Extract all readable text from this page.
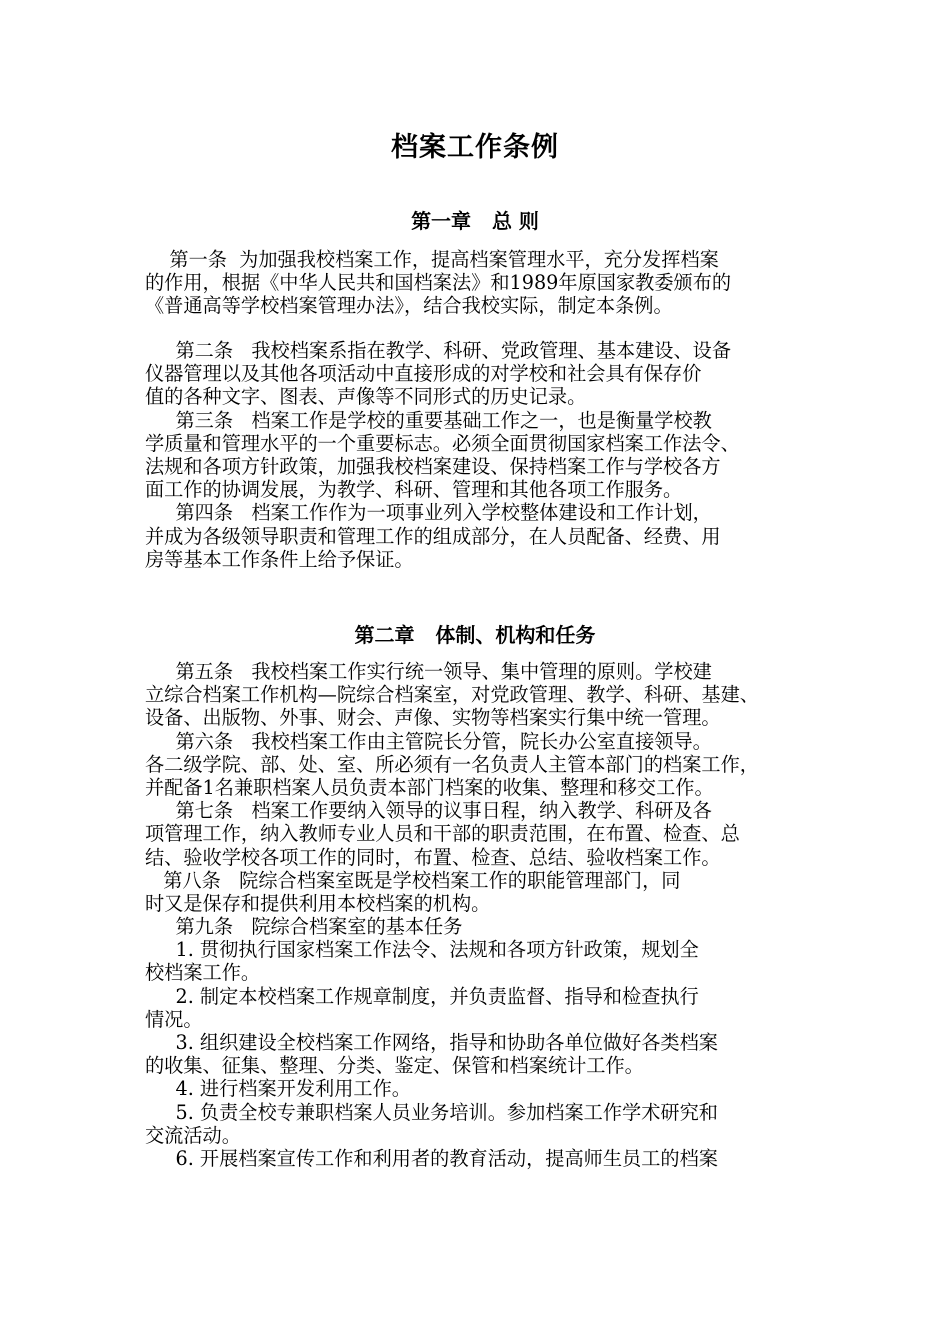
档案工作条例
第一章   总 则
第一条  为加强我校档案工作，提高档案管理水平，充分发挥档案
的作用，根据《中华人民共和国档案法》和1989年原国家教委颁布的
《普通高等学校档案管理办法》，结合我校实际，制定本条例。
第二条   我校档案系指在教学、科研、党政管理、基本建设、设备
仪器管理以及其他各项活动中直接形成的对学校和社会具有保存价
值的各种文字、图表、声像等不同形式的历史记录。
第三条   档案工作是学校的重要基础工作之一，也是衡量学校教
学质量和管理水平的一个重要标志。必须全面贯彻国家档案工作法令、
法规和各项方针政策，加强我校档案建设、保持档案工作与学校各方
面工作的协调发展，为教学、科研、管理和其他各项工作服务。
第四条   档案工作作为一项事业列入学校整体建设和工作计划，
并成为各级领导职责和管理工作的组成部分，在人员配备、经费、用
房等基本工作条件上给予保证。
第二章   体制、机构和任务
第五条   我校档案工作实行统一领导、集中管理的原则。学校建
立综合档案工作机构—院综合档案室，对党政管理、教学、科研、基建、
设备、出版物、外事、财会、声像、实物等档案实行集中统一管理。
第六条   我校档案工作由主管院长分管，院长办公室直接领导。
各二级学院、部、处、室、所必须有一名负责人主管本部门的档案工作，
并配备1名兼职档案人员负责本部门档案的收集、整理和移交工作。
第七条   档案工作要纳入领导的议事日程，纳入教学、科研及各
项管理工作，纳入教师专业人员和干部的职责范围，在布置、检查、总
结、验收学校各项工作的同时，布置、检查、总结、验收档案工作。
第八条   院综合档案室既是学校档案工作的职能管理部门，同
时又是保存和提供利用本校档案的机构。
第九条   院综合档案室的基本任务
1. 贯彻执行国家档案工作法令、法规和各项方针政策，规划全
校档案工作。
2. 制定本校档案工作规章制度，并负责监督、指导和检查执行
情况。
3. 组织建设全校档案工作网络，指导和协助各单位做好各类档案
的收集、征集、整理、分类、鉴定、保管和档案统计工作。
4. 进行档案开发利用工作。
5. 负责全校专兼职档案人员业务培训。参加档案工作学术研究和
交流活动。
6. 开展档案宣传工作和利用者的教育活动，提高师生员工的档案
